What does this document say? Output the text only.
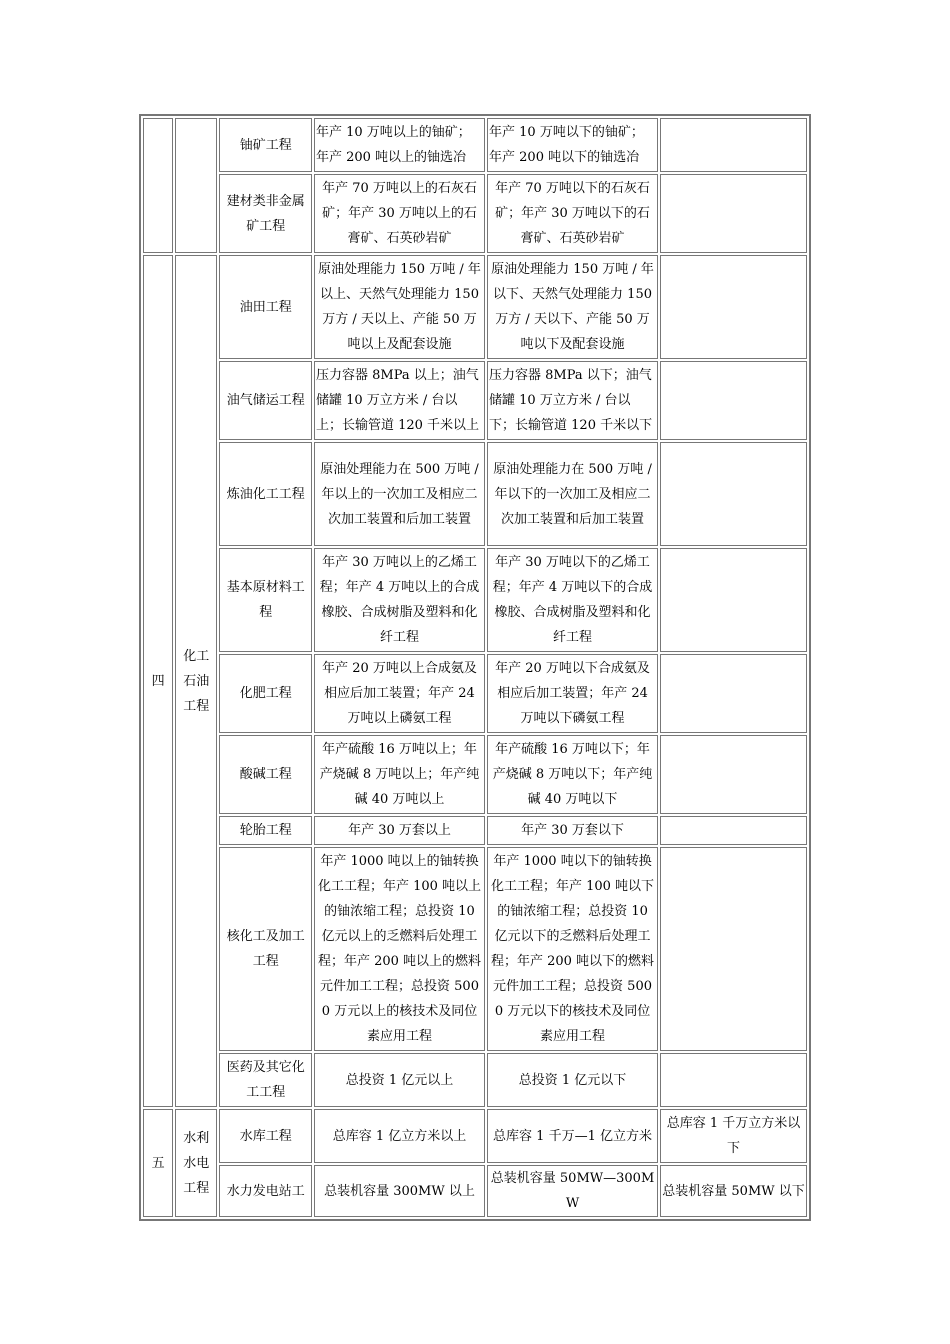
		铀矿工程	年产 10 万吨以上的铀矿；年产 200 吨以上的铀选冶	年产 10 万吨以下的铀矿；年产 200 吨以下的铀选冶	
		建材类非金属矿工程	年产 70 万吨以上的石灰石矿；年产 30 万吨以上的石膏矿、石英砂岩矿	年产 70 万吨以下的石灰石矿；年产 30 万吨以下的石膏矿、石英砂岩矿	
四	化工石油工程	油田工程	原油处理能力 150 万吨 / 年以上、天然气处理能力 150 万方 / 天以上、产能 50 万吨以上及配套设施	原油处理能力 150 万吨 / 年以下、天然气处理能力 150 万方 / 天以下、产能 50 万吨以下及配套设施	
		油气储运工程	压力容器 8MPa 以上；油气储罐 10 万立方米 / 台以上；长输管道 120 千米以上	压力容器 8MPa 以下；油气储罐 10 万立方米 / 台以下；长输管道 120 千米以下	
		炼油化工工程	原油处理能力在 500 万吨 / 年以上的一次加工及相应二次加工装置和后加工装置	原油处理能力在 500 万吨 / 年以下的一次加工及相应二次加工装置和后加工装置	
		基本原材料工程	年产 30 万吨以上的乙烯工程；年产 4 万吨以上的合成橡胶、合成树脂及塑料和化纤工程	年产 30 万吨以下的乙烯工程；年产 4 万吨以下的合成橡胶、合成树脂及塑料和化纤工程	
		化肥工程	年产 20 万吨以上合成氨及相应后加工装置；年产 24 万吨以上磷氨工程	年产 20 万吨以下合成氨及相应后加工装置；年产 24 万吨以下磷氨工程	
		酸碱工程	年产硫酸 16 万吨以上；年产烧碱 8 万吨以上；年产纯碱 40 万吨以上	年产硫酸 16 万吨以下；年产烧碱 8 万吨以下；年产纯碱 40 万吨以下	
		轮胎工程	年产 30 万套以上	年产 30 万套以下	
		核化工及加工工程	年产 1000 吨以上的铀转换化工工程；年产 100 吨以上的铀浓缩工程；总投资 10 亿元以上的乏燃料后处理工程；年产 200 吨以上的燃料元件加工工程；总投资 5000 万元以上的核技术及同位素应用工程	年产 1000 吨以下的铀转换化工工程；年产 100 吨以下的铀浓缩工程；总投资 10 亿元以下的乏燃料后处理工程；年产 200 吨以下的燃料元件加工工程；总投资 5000 万元以下的核技术及同位素应用工程	
		医药及其它化工工程	总投资 1 亿元以上	总投资 1 亿元以下	
五	水利水电工程	水库工程	总库容 1 亿立方米以上	总库容 1 千万—1 亿立方米	总库容 1 千万立方米以下
		水力发电站工	总装机容量 300MW 以上	总装机容量 50MW—300MW	总装机容量 50MW 以下
